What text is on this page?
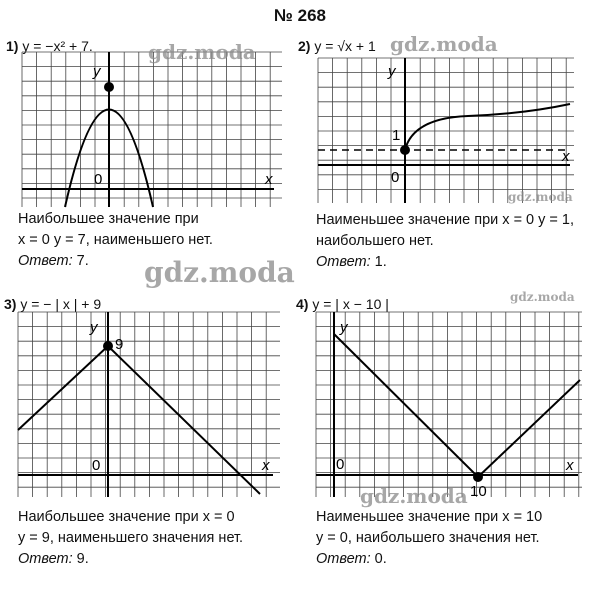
№ 268
1) y = −x² + 7.
x
y
0
Наибольшее значение при
x = 0 y = 7, наименьшего нет.
Ответ: 7.
2) y = √x + 1
x
y
0
1
Наименьшее значение при x = 0 y = 1,
наибольшего нет.
Ответ: 1.
3) y = − | x | + 9
x
y
0
9
Наибольшее значение при x = 0
y = 9, наименьшего значения нет.
Ответ: 9.
4) y = | x − 10 |
x
y
0
10
Наименьшее значение при x = 10
y = 0, наибольшего значения нет.
Ответ: 0.
gdz.moda	gdz.moda
gdz.moda
gdz.moda
gdz.moda
gdz.moda
